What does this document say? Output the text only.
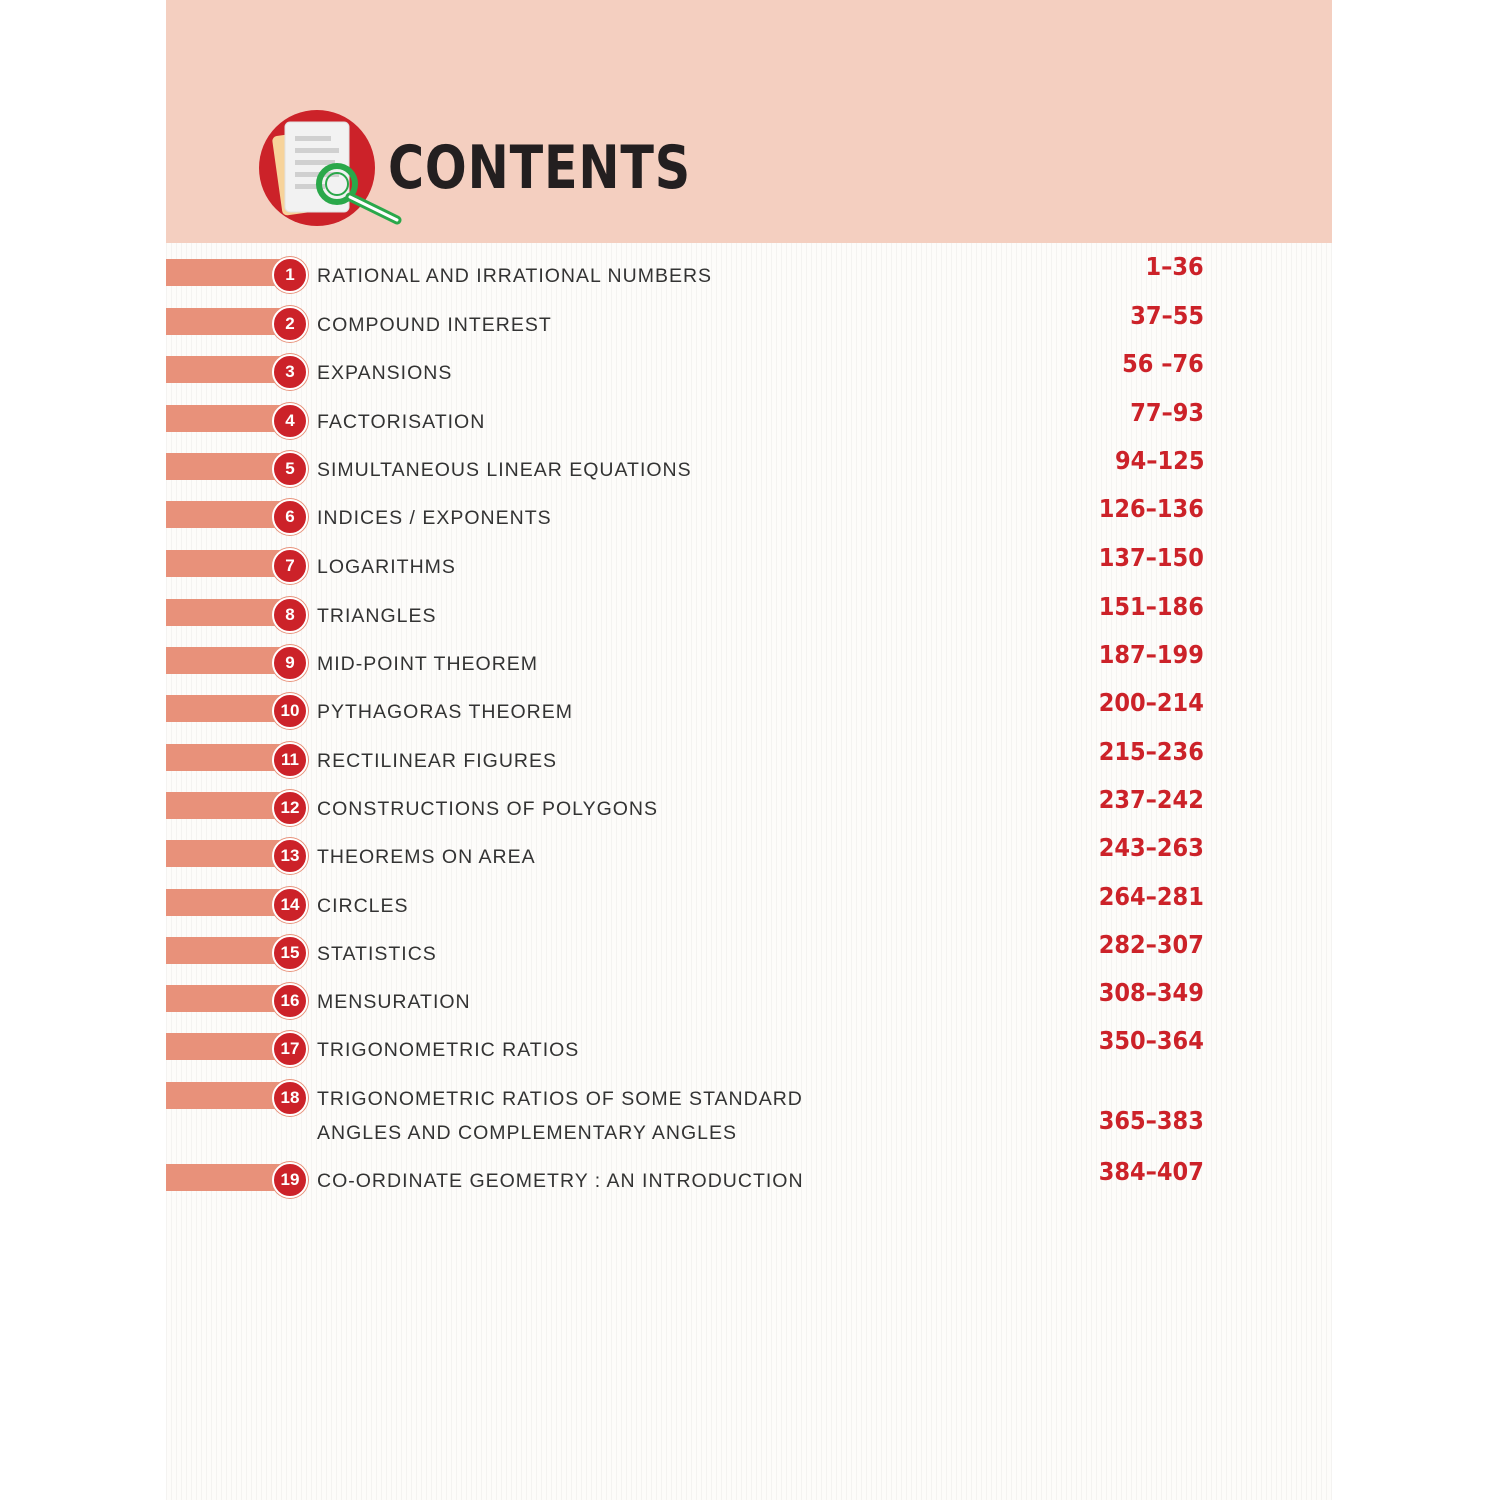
CONTENTS
1	RATIONAL AND IRRATIONAL NUMBERS	1–36
2	COMPOUND INTEREST	37–55
3	EXPANSIONS	56 –76
4	FACTORISATION	77–93
5	SIMULTANEOUS LINEAR EQUATIONS	94–125
6	INDICES / EXPONENTS	126–136
7	LOGARITHMS	137–150
8	TRIANGLES	151–186
9	MID-POINT THEOREM	187–199
10 PYTHAGORAS THEOREM	200–214
11 RECTILINEAR FIGURES	215–236
12 CONSTRUCTIONS OF POLYGONS	237–242
13 THEOREMS ON AREA	243–263
14 CIRCLES	264–281
15 STATISTICS	282–307
16 MENSURATION	308–349
17 TRIGONOMETRIC RATIOS	350–364
18 TRIGONOMETRIC RATIOS OF SOME STANDARD
ANGLES AND COMPLEMENTARY ANGLES	365–383
19 CO-ORDINATE GEOMETRY : AN INTRODUCTION	384–407
